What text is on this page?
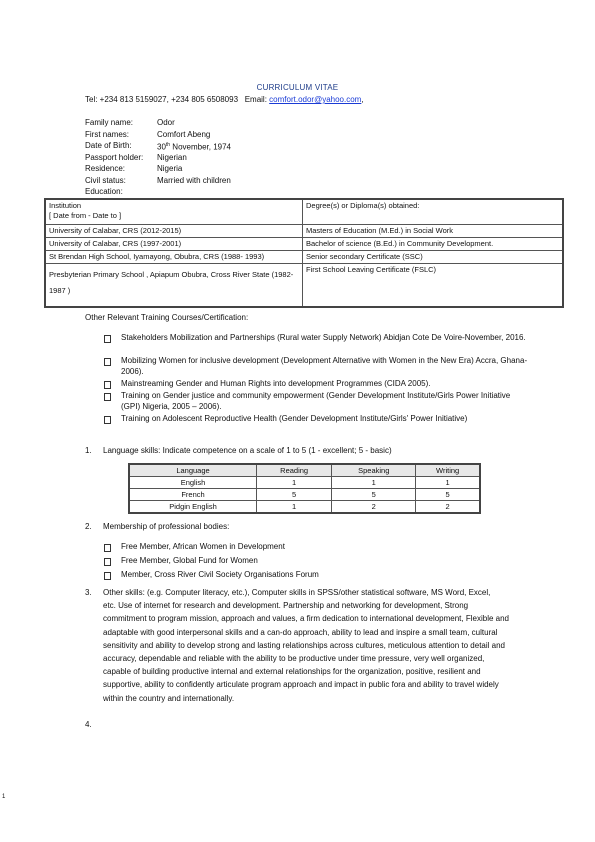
CURRICULUM VITAE
Tel: +234 813 5159027, +234 805 6508093 Email: comfort.odor@yahoo.com,
Family name:	Odor
First names:	Comfort Abeng
Date of Birth:	30th November, 1974
Passport holder: Nigerian
Residence:	Nigeria
Civil status:	Married with children
Education:
Institution
[ Date from - Date to ]	Degree(s) or Diploma(s) obtained:
University of Calabar, CRS (2012-2015)	Masters of Education (M.Ed.) in Social Work
University of Calabar, CRS (1997-2001)	Bachelor of science (B.Ed.) in Community Development.
St Brendan High School, Iyamayong, Obubra, CRS (1988- 1993)	Senior secondary Certificate (SSC)
Presbyterian Primary School , Apiapum Obubra, Cross River State (1982-1987 )	First School Leaving Certificate (FSLC)
Other Relevant Training Courses/Certification:
Stakeholders Mobilization and Partnerships (Rural water Supply Network) Abidjan Cote De Voire-November, 2016.
Mobilizing Women for inclusive development (Development Alternative with Women in the New Era) Accra, Ghana-2006).
Mainstreaming Gender and Human Rights into development Programmes (CIDA 2005).
Training on Gender justice and community empowerment (Gender Development Institute/Girls Power Initiative (GPI) Nigeria, 2005 – 2006).
Training on Adolescent Reproductive Health (Gender Development Institute/Girls' Power Initiative)
1. Language skills: Indicate competence on a scale of 1 to 5 (1 - excellent; 5 - basic)
Language	Reading	Speaking	Writing
English	1	1	1
French	5	5	5
Pidgin English	1	2	2
2. Membership of professional bodies:
Free Member, African Women in Development
Free Member, Global Fund for Women
Member, Cross River Civil Society Organisations Forum
3. Other skills: (e.g. Computer literacy, etc.), Computer skills in SPSS/other statistical software, MS Word, Excel,
etc. Use of internet for research and development. Partnership and networking for development, Strong
commitment to program mission, approach and values, a firm dedication to international development, Flexible and
adaptable with good interpersonal skills and a can-do approach, ability to lead and inspire a small team, cultural
sensitivity and ability to develop strong and lasting relationships across cultures, meticulous attention to detail and
accuracy, dependable and reliable with the ability to be productive under time pressure, very well organized,
capable of building productive internal and external relationships for the organization, positive, resilient and
supportive, ability to confidently articulate program approach and impact in public fora and ability to travel widely
within the country and internationally.
4.
1
